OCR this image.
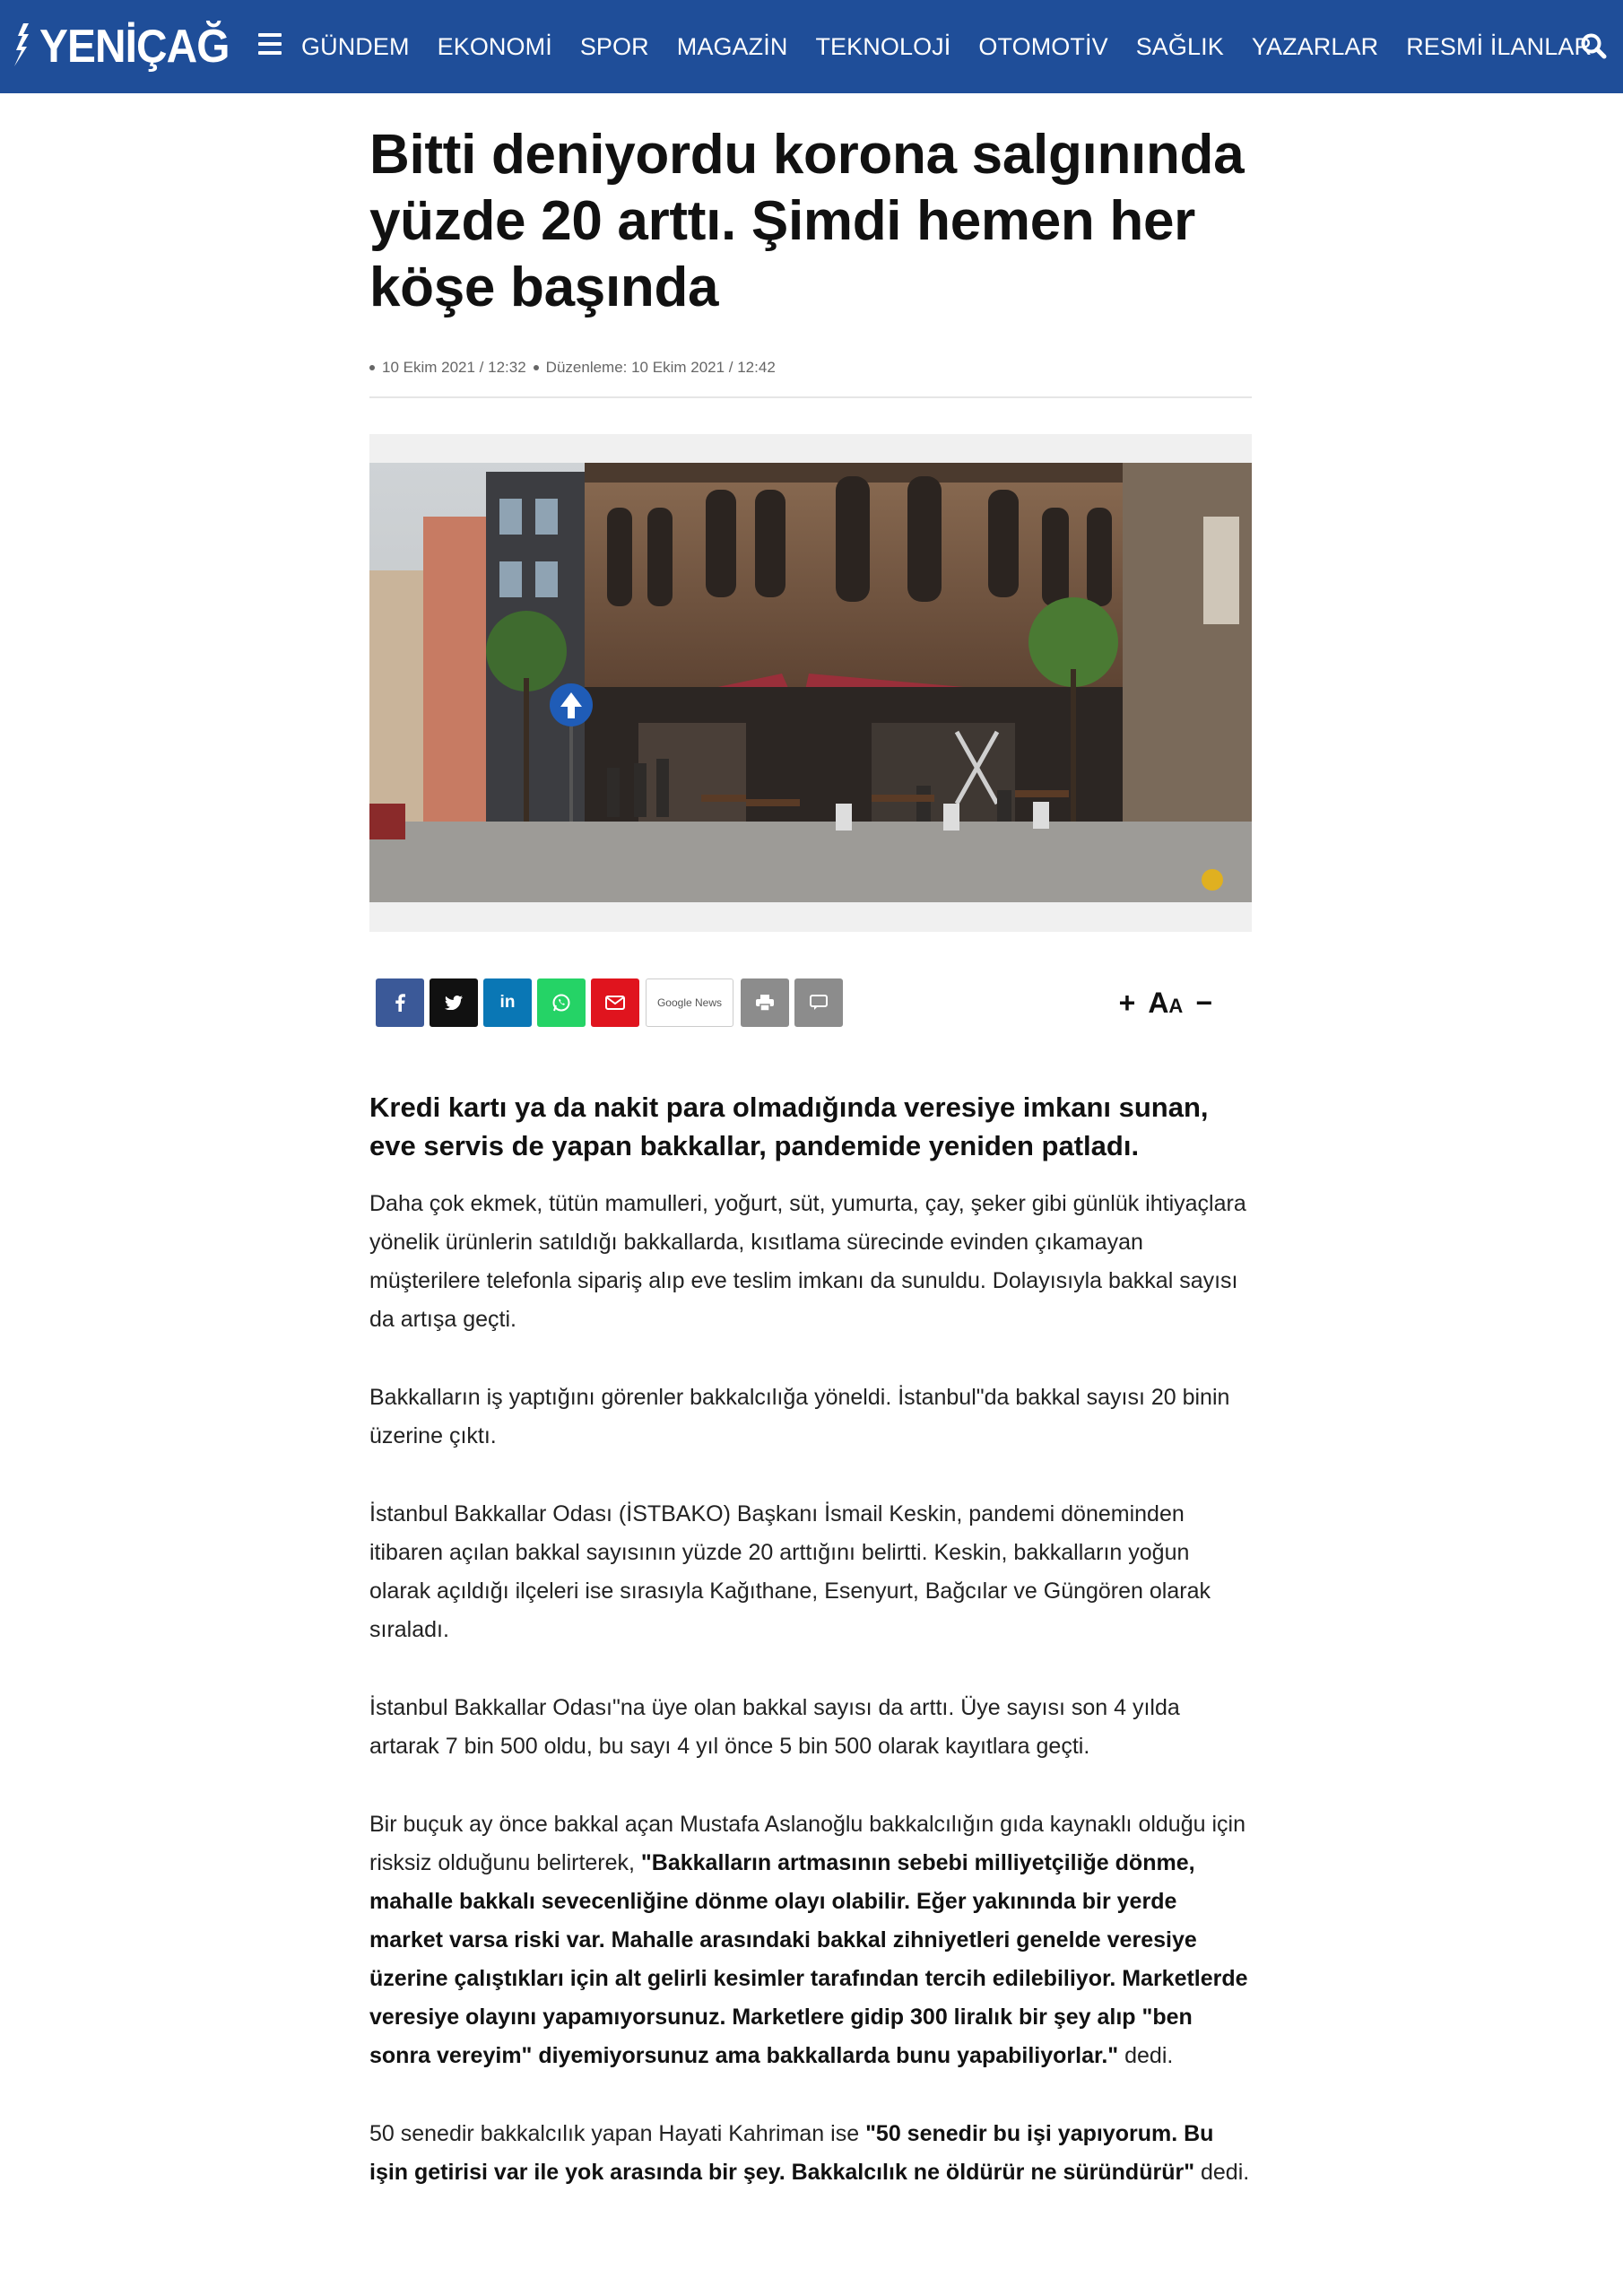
YENİÇAĞ	GÜNDEM EKONOMİ SPOR MAGAZİN TEKNOLOJİ OTOMOTİV SAĞLIK YAZARLAR RESMİ İLANLAR
Bitti deniyordu korona salgınında yüzde 20 arttı. Şimdi hemen her köşe başında
10 Ekim 2021 / 12:32 Düzenleme: 10 Ekim 2021 / 12:42
in	Google News	+ AA −
Kredi kartı ya da nakit para olmadığında veresiye imkanı sunan, eve servis de yapan bakkallar, pandemide yeniden patladı.

Daha çok ekmek, tütün mamulleri, yoğurt, süt, yumurta, çay, şeker gibi günlük ihtiyaçlara yönelik ürünlerin satıldığı bakkallarda, kısıtlama sürecinde evinden çıkamayan müşterilere telefonla sipariş alıp eve teslim imkanı da sunuldu. Dolayısıyla bakkal sayısı da artışa geçti.

Bakkalların iş yaptığını görenler bakkalcılığa yöneldi. İstanbul"da bakkal sayısı 20 binin üzerine çıktı.

İstanbul Bakkallar Odası (İSTBAKO) Başkanı İsmail Keskin, pandemi döneminden itibaren açılan bakkal sayısının yüzde 20 arttığını belirtti. Keskin, bakkalların yoğun olarak açıldığı ilçeleri ise sırasıyla Kağıthane, Esenyurt, Bağcılar ve Güngören olarak sıraladı.

İstanbul Bakkallar Odası"na üye olan bakkal sayısı da arttı. Üye sayısı son 4 yılda artarak 7 bin 500 oldu, bu sayı 4 yıl önce 5 bin 500 olarak kayıtlara geçti.

Bir buçuk ay önce bakkal açan Mustafa Aslanoğlu bakkalcılığın gıda kaynaklı olduğu için risksiz olduğunu belirterek, "Bakkalların artmasının sebebi milliyetçiliğe dönme, mahalle bakkalı sevecenliğine dönme olayı olabilir. Eğer yakınında bir yerde market varsa riski var. Mahalle arasındaki bakkal zihniyetleri genelde veresiye üzerine çalıştıkları için alt gelirli kesimler tarafından tercih edilebiliyor. Marketlerde veresiye olayını yapamıyorsunuz. Marketlere gidip 300 liralık bir şey alıp "ben sonra vereyim" diyemiyorsunuz ama bakkallarda bunu yapabiliyorlar." dedi.

50 senedir bakkalcılık yapan Hayati Kahriman ise "50 senedir bu işi yapıyorum. Bu işin getirisi var ile yok arasında bir şey. Bakkalcılık ne öldürür ne süründürür" dedi.
